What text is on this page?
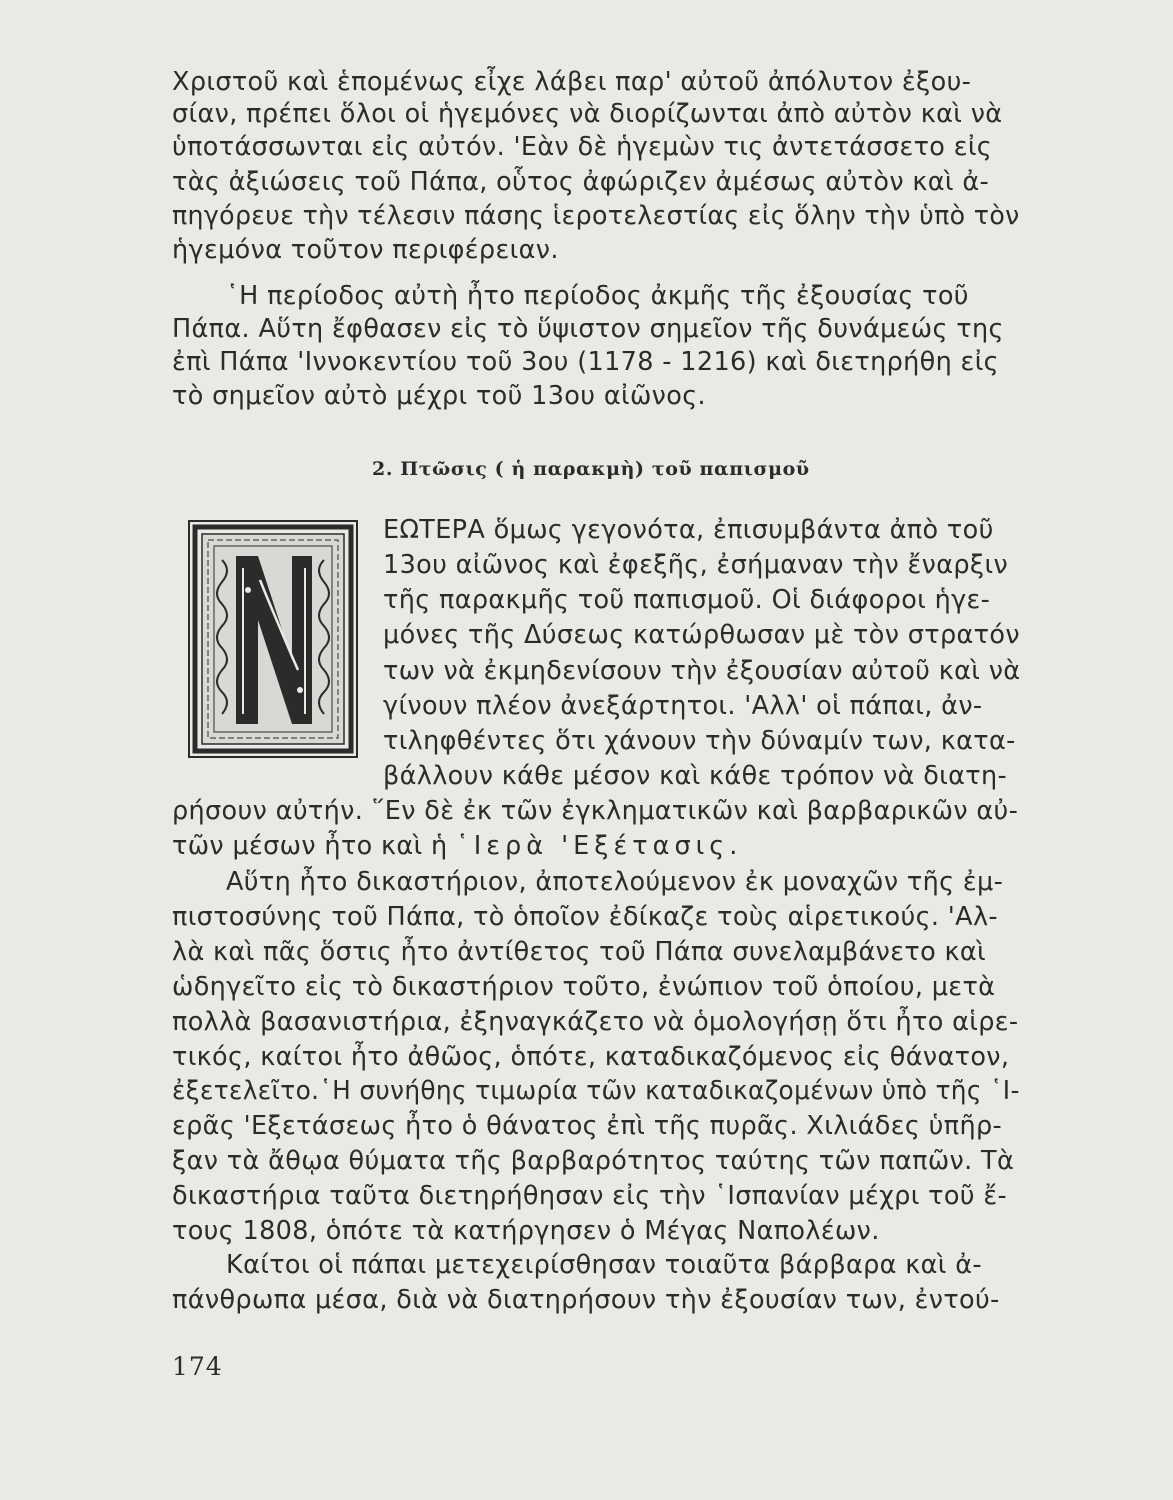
Χριστοῦ καὶ ἑπομένως εἶχε λάβει παρ' αὐτοῦ ἀπόλυτον ἐξου-
σίαν, πρέπει ὅλοι οἱ ἡγεμόνες νὰ διορίζωνται ἀπὸ αὐτὸν καὶ νὰ
ὑποτάσσωνται εἰς αὐτόν. 'Εὰν δὲ ἡγεμὼν τις ἀντετάσσετο εἰς
τὰς ἀξιώσεις τοῦ Πάπα, οὗτος ἀφώριζεν ἀμέσως αὐτὸν καὶ ἀ-
πηγόρευε τὴν τέλεσιν πάσης ἱεροτελεστίας εἰς ὅλην τὴν ὑπὸ τὸν
ἡγεμόνα τοῦτον περιφέρειαν.
῾Η περίοδος αὐτὴ ἦτο περίοδος ἀκμῆς τῆς ἐξουσίας τοῦ
Πάπα. Αὕτη ἔφθασεν εἰς τὸ ὕψιστον σημεῖον τῆς δυνάμεώς της
ἐπὶ Πάπα 'Ιννοκεντίου τοῦ 3ου (1178 - 1216) καὶ διετηρήθη εἰς
τὸ σημεῖον αὐτὸ μέχρι τοῦ 13ου αἰῶνος.
2. Πτῶσις ( ἡ παρακμὴ) τοῦ παπισμοῦ
ΕΩΤΕΡΑ ὅμως γεγονότα, ἐπισυμβάντα ἀπὸ τοῦ
13ου αἰῶνος καὶ ἐφεξῆς, ἐσήμαναν τὴν ἔναρξιν
τῆς παρακμῆς τοῦ παπισμοῦ. Οἱ διάφοροι ἡγε-
μόνες τῆς Δύσεως κατώρθωσαν μὲ τὸν στρατόν
των νὰ ἐκμηδενίσουν τὴν ἐξουσίαν αὐτοῦ καὶ νὰ
γίνουν πλέον ἀνεξάρτητοι. 'Αλλ' οἱ πάπαι, ἀν-
τιληφθέντες ὅτι χάνουν τὴν δύναμίν των, κατα-
βάλλουν κάθε μέσον καὶ κάθε τρόπον νὰ διατη-
ρήσουν αὐτήν. ῞Εν δὲ ἐκ τῶν ἐγκληματικῶν καὶ βαρβαρικῶν αὐ-
τῶν μέσων ἦτο καὶ ἡ ῾Ιερὰ 'Εξέτασις.
Αὕτη ἦτο δικαστήριον, ἀποτελούμενον ἐκ μοναχῶν τῆς ἐμ-
πιστοσύνης τοῦ Πάπα, τὸ ὁποῖον ἐδίκαζε τοὺς αἱρετικούς. 'Αλ-
λὰ καὶ πᾶς ὅστις ἦτο ἀντίθετος τοῦ Πάπα συνελαμβάνετο καὶ
ὡδηγεῖτο εἰς τὸ δικαστήριον τοῦτο, ἐνώπιον τοῦ ὁποίου, μετὰ
πολλὰ βασανιστήρια, ἐξηναγκάζετο νὰ ὁμολογήσῃ ὅτι ἦτο αἱρε-
τικός, καίτοι ἦτο ἀθῶος, ὁπότε, καταδικαζόμενος εἰς θάνατον,
ἐξετελεῖτο.῾Η συνήθης τιμωρία τῶν καταδικαζομένων ὑπὸ τῆς ῾Ι-
ερᾶς 'Εξετάσεως ἦτο ὁ θάνατος ἐπὶ τῆς πυρᾶς. Χιλιάδες ὑπῆρ-
ξαν τὰ ἄθῳα θύματα τῆς βαρβαρότητος ταύτης τῶν παπῶν. Τὰ
δικαστήρια ταῦτα διετηρήθησαν εἰς τὴν ῾Ισπανίαν μέχρι τοῦ ἔ-
τους 1808, ὁπότε τὰ κατήργησεν ὁ Μέγας Ναπολέων.
Καίτοι οἱ πάπαι μετεχειρίσθησαν τοιαῦτα βάρβαρα καὶ ἀ-
πάνθρωπα μέσα, διὰ νὰ διατηρήσουν τὴν ἐξουσίαν των, ἐντού-
174
